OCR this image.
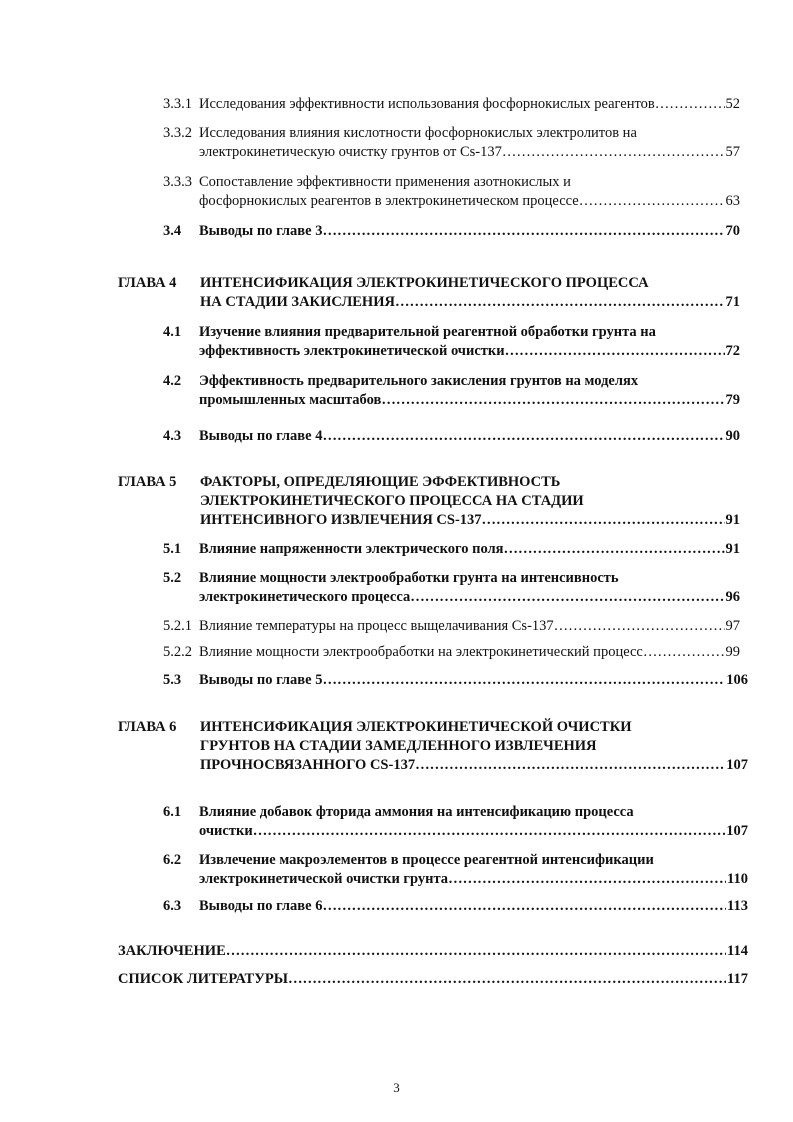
3.3.1 Исследования эффективности использования фосфорнокислых реагентов …………………………………………………………………………………………………………………………………………………………………………………………………………	52
3.3.2 Исследования влияния кислотности фосфорнокислых электролитов на
электрокинетическую очистку грунтов от Cs-137 …………………………………………………………………………………………………………………………………………………………………………………………………………	57
3.3.3 Сопоставление эффективности применения азотнокислых и
фосфорнокислых реагентов в электрокинетическом процессе …………………………………………………………………………………………………………………………………………………………………………………………………………	63
3.4	Выводы по главе 3 …………………………………………………………………………………………………………………………………………………………………………………………………………	70
ГЛАВА 4	ИНТЕНСИФИКАЦИЯ ЭЛЕКТРОКИНЕТИЧЕСКОГО ПРОЦЕССА
НА СТАДИИ ЗАКИСЛЕНИЯ …………………………………………………………………………………………………………………………………………………………………………………………………………	71
4.1	Изучение влияния предварительной реагентной обработки грунта на
эффективность электрокинетической очистки …………………………………………………………………………………………………………………………………………………………………………………………………………	72
4.2	Эффективность предварительного закисления грунтов на моделях
промышленных масштабов …………………………………………………………………………………………………………………………………………………………………………………………………………	79
4.3	Выводы по главе 4 …………………………………………………………………………………………………………………………………………………………………………………………………………	90
ГЛАВА 5	ФАКТОРЫ, ОПРЕДЕЛЯЮЩИЕ ЭФФЕКТИВНОСТЬ
ЭЛЕКТРОКИНЕТИЧЕСКОГО ПРОЦЕССА НА СТАДИИ
ИНТЕНСИВНОГО ИЗВЛЕЧЕНИЯ CS-137 …………………………………………………………………………………………………………………………………………………………………………………………………………	91
5.1	Влияние напряженности электрического поля …………………………………………………………………………………………………………………………………………………………………………………………………………	91
5.2	Влияние мощности электрообработки грунта на интенсивность
электрокинетического процесса …………………………………………………………………………………………………………………………………………………………………………………………………………	96
5.2.1 Влияние температуры на процесс выщелачивания Cs-137 …………………………………………………………………………………………………………………………………………………………………………………………………………	97
5.2.2 Влияние мощности электрообработки на электрокинетический процесс …………………………………………………………………………………………………………………………………………………………………………………………………………	99
5.3	Выводы по главе 5 …………………………………………………………………………………………………………………………………………………………………………………………………………	106
ГЛАВА 6	ИНТЕНСИФИКАЦИЯ ЭЛЕКТРОКИНЕТИЧЕСКОЙ ОЧИСТКИ
ГРУНТОВ НА СТАДИИ ЗАМЕДЛЕННОГО ИЗВЛЕЧЕНИЯ
ПРОЧНОСВЯЗАННОГО CS-137 …………………………………………………………………………………………………………………………………………………………………………………………………………	107
6.1	Влияние добавок фторида аммония на интенсификацию процесса
очистки …………………………………………………………………………………………………………………………………………………………………………………………………………	107
6.2	Извлечение макроэлементов в процессе реагентной интенсификации
электрокинетической очистки грунта …………………………………………………………………………………………………………………………………………………………………………………………………………	110
6.3	Выводы по главе 6 …………………………………………………………………………………………………………………………………………………………………………………………………………	113
ЗАКЛЮЧЕНИЕ …………………………………………………………………………………………………………………………………………………………………………………………………………	114
СПИСОК ЛИТЕРАТУРЫ …………………………………………………………………………………………………………………………………………………………………………………………………………	117
3
